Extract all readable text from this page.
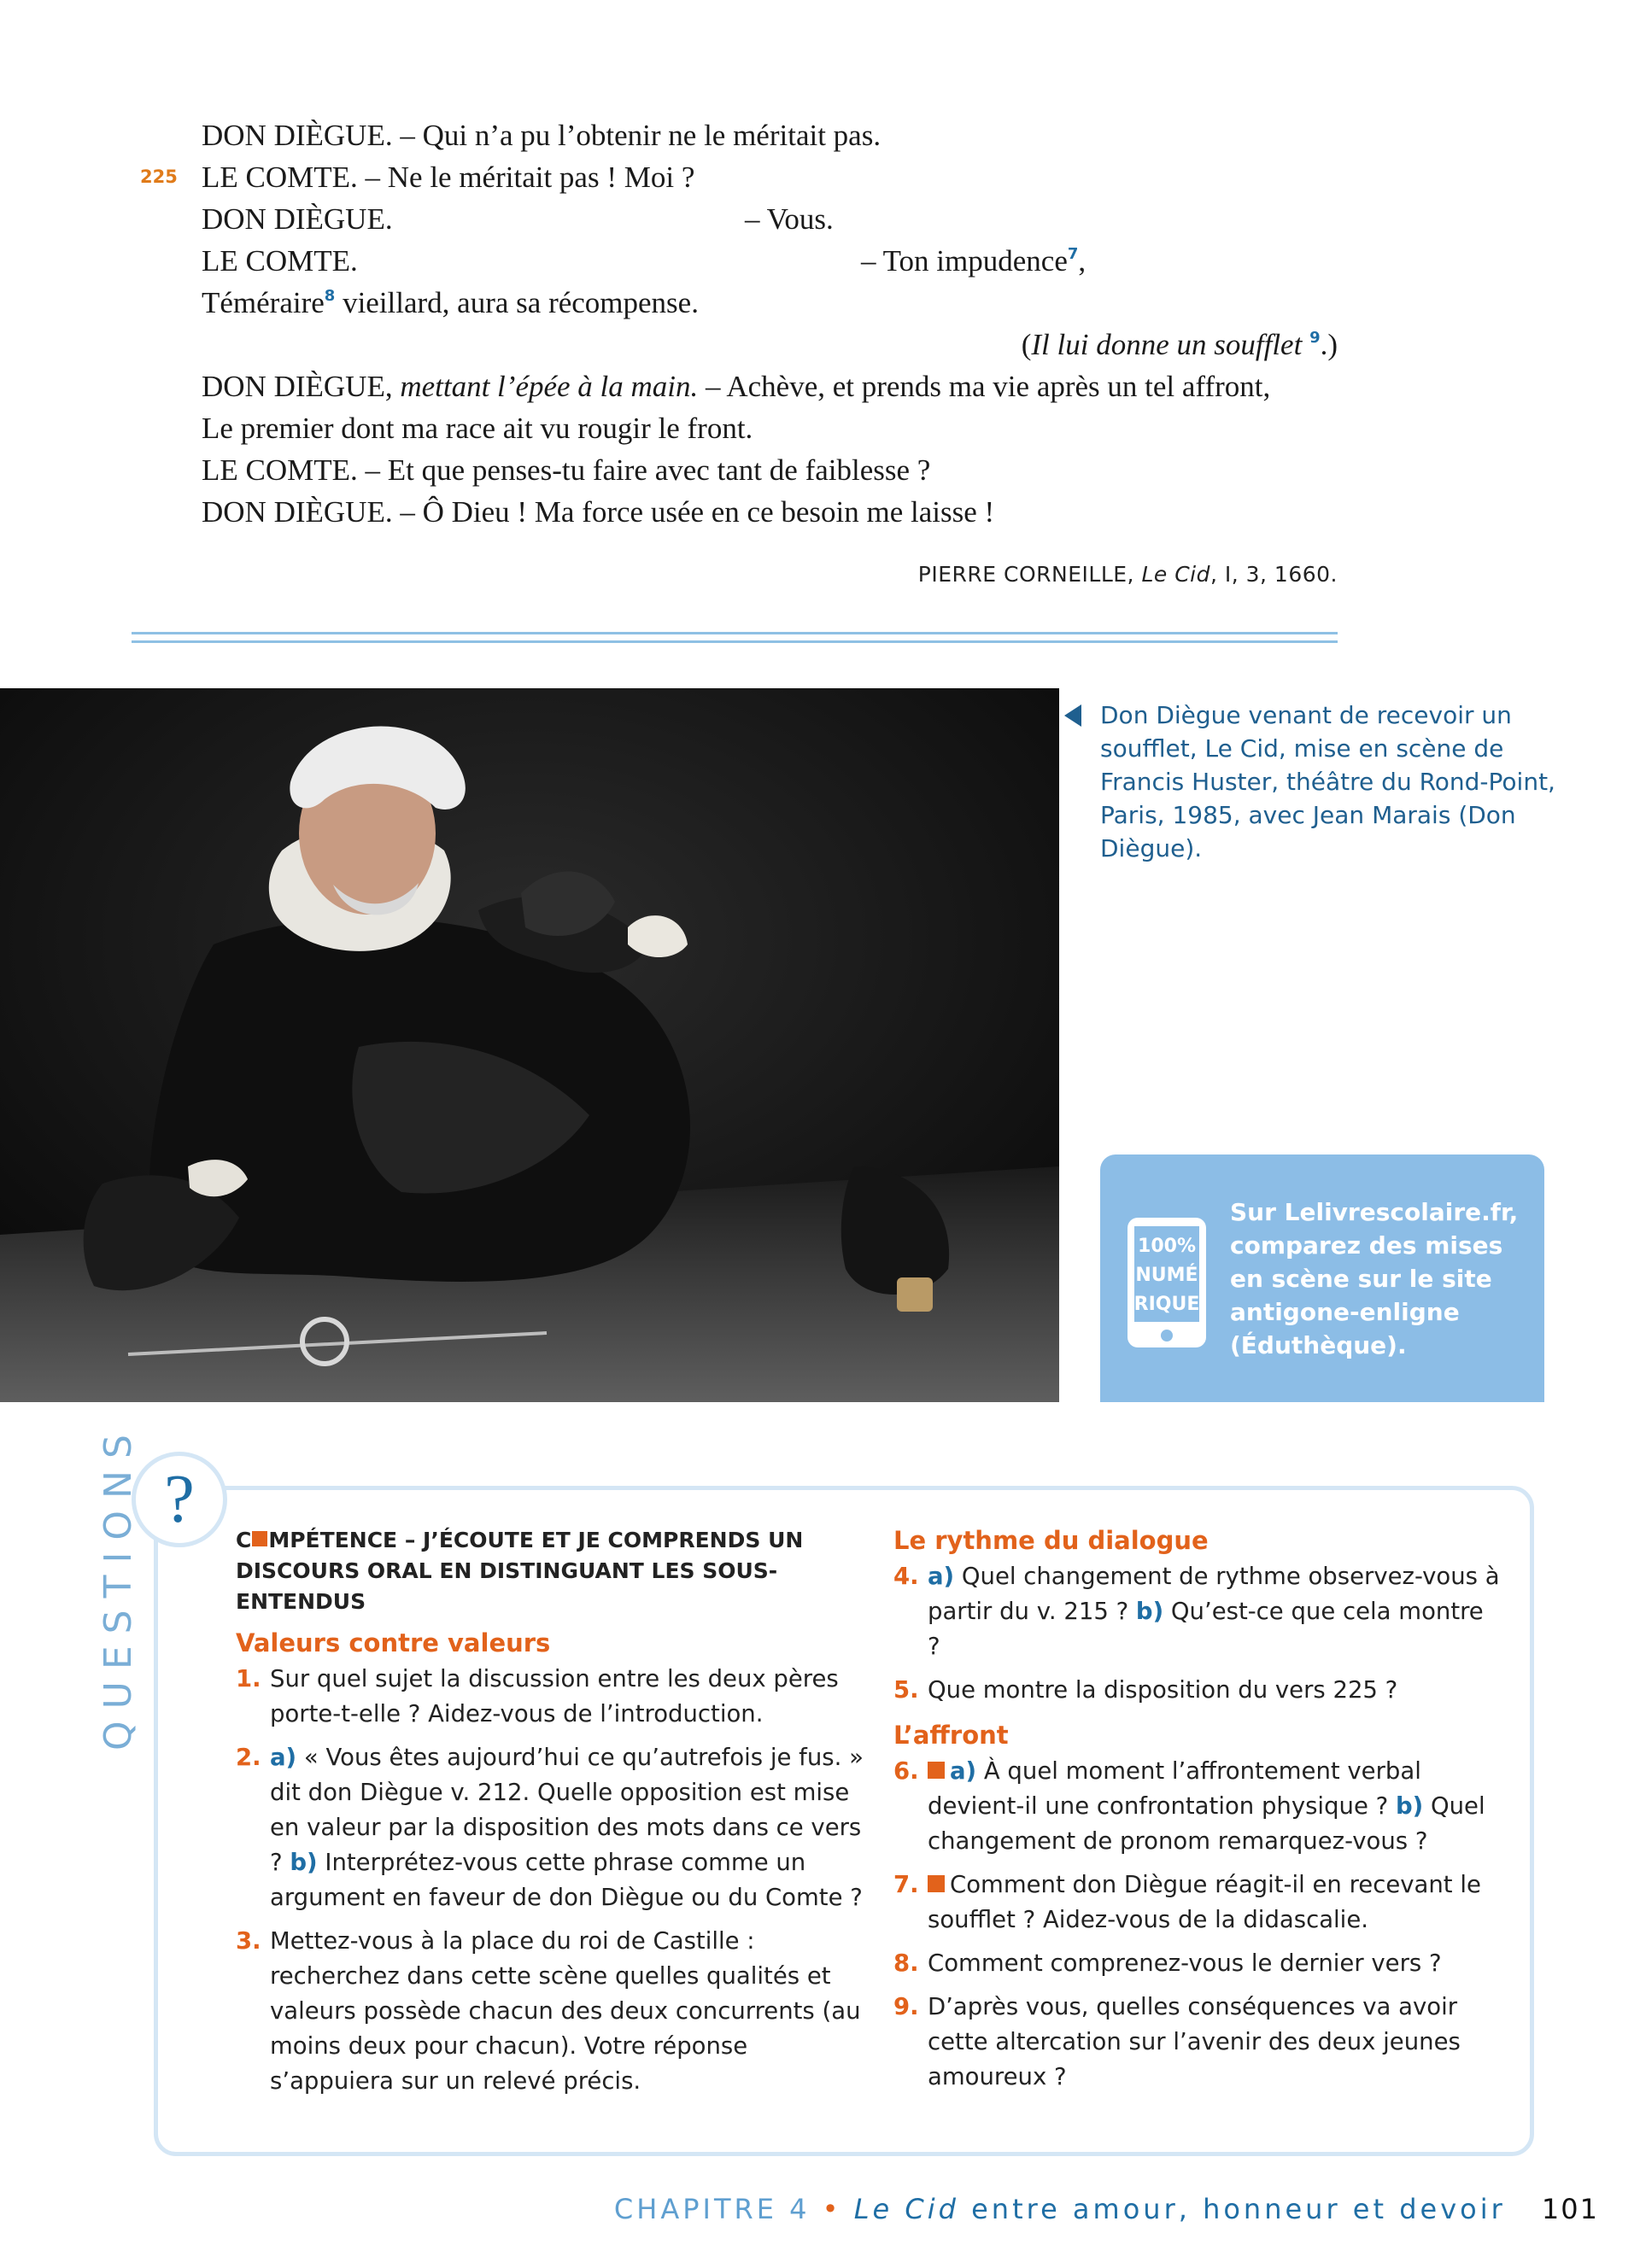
DON DIÈGUE. – Qui n’a pu l’obtenir ne le méritait pas.
225 LE COMTE. – Ne le méritait pas ! Moi ?
DON DIÈGUE.	– Vous.
LE COMTE.	– Ton impudence$^7$,
Téméraire$^8$ vieillard, aura sa récompense.
(Il lui donne un soufflet $^9$.)
DON DIÈGUE, mettant l’épée à la main. – Achève, et prends ma vie après un tel affront,
Le premier dont ma race ait vu rougir le front.
LE COMTE. – Et que penses-tu faire avec tant de faiblesse ?
DON DIÈGUE. – Ô Dieu ! Ma force usée en ce besoin me laisse !
PIERRE CORNEILLE, Le Cid, I, 3, 1660.
Don Diègue venant de recevoir un soufflet, Le Cid, mise en scène de Francis Huster, théâtre du Rond-Point, Paris, 1985, avec Jean Marais (Don Diègue).
100%
NUMÉ
RIQUE
Sur Lelivrescolaire.fr, comparez des mises en scène sur le site antigone-enligne (Éduthèque).
?
QUESTIONS	C MPÉTENCE – J’ÉCOUTE ET JE COMPRENDS UN DISCOURS ORAL EN DISTINGUANT LES SOUS-ENTENDUS
Valeurs contre valeurs
1. Sur quel sujet la discussion entre les deux pères porte-t-elle ? Aidez-vous de l’introduction.
2. a) « Vous êtes aujourd’hui ce qu’autrefois je fus. » dit don Diègue v. 212. Quelle opposition est mise en valeur par la disposition des mots dans ce vers ? b) Interprétez-vous cette phrase comme un argument en faveur de don Diègue ou du Comte ?
3. Mettez-vous à la place du roi de Castille : recherchez dans cette scène quelles qualités et valeurs possède chacun des deux concurrents (au moins deux pour chacun). Votre réponse s’appuiera sur un relevé précis.
Le rythme du dialogue
4. a) Quel changement de rythme observez-vous à partir du v. 215 ? b) Qu’est-ce que cela montre ?
5. Que montre la disposition du vers 225 ?
L’affront
6. a) À quel moment l’affrontement verbal devient-il une confrontation physique ? b) Quel changement de pronom remarquez-vous ?
7. Comment don Diègue réagit-il en recevant le soufflet ? Aidez-vous de la didascalie.
8. Comment comprenez-vous le dernier vers ?
9. D’après vous, quelles conséquences va avoir cette altercation sur l’avenir des deux jeunes amoureux ?
CHAPITRE 4 • Le Cid entre amour, honneur et devoir 101
